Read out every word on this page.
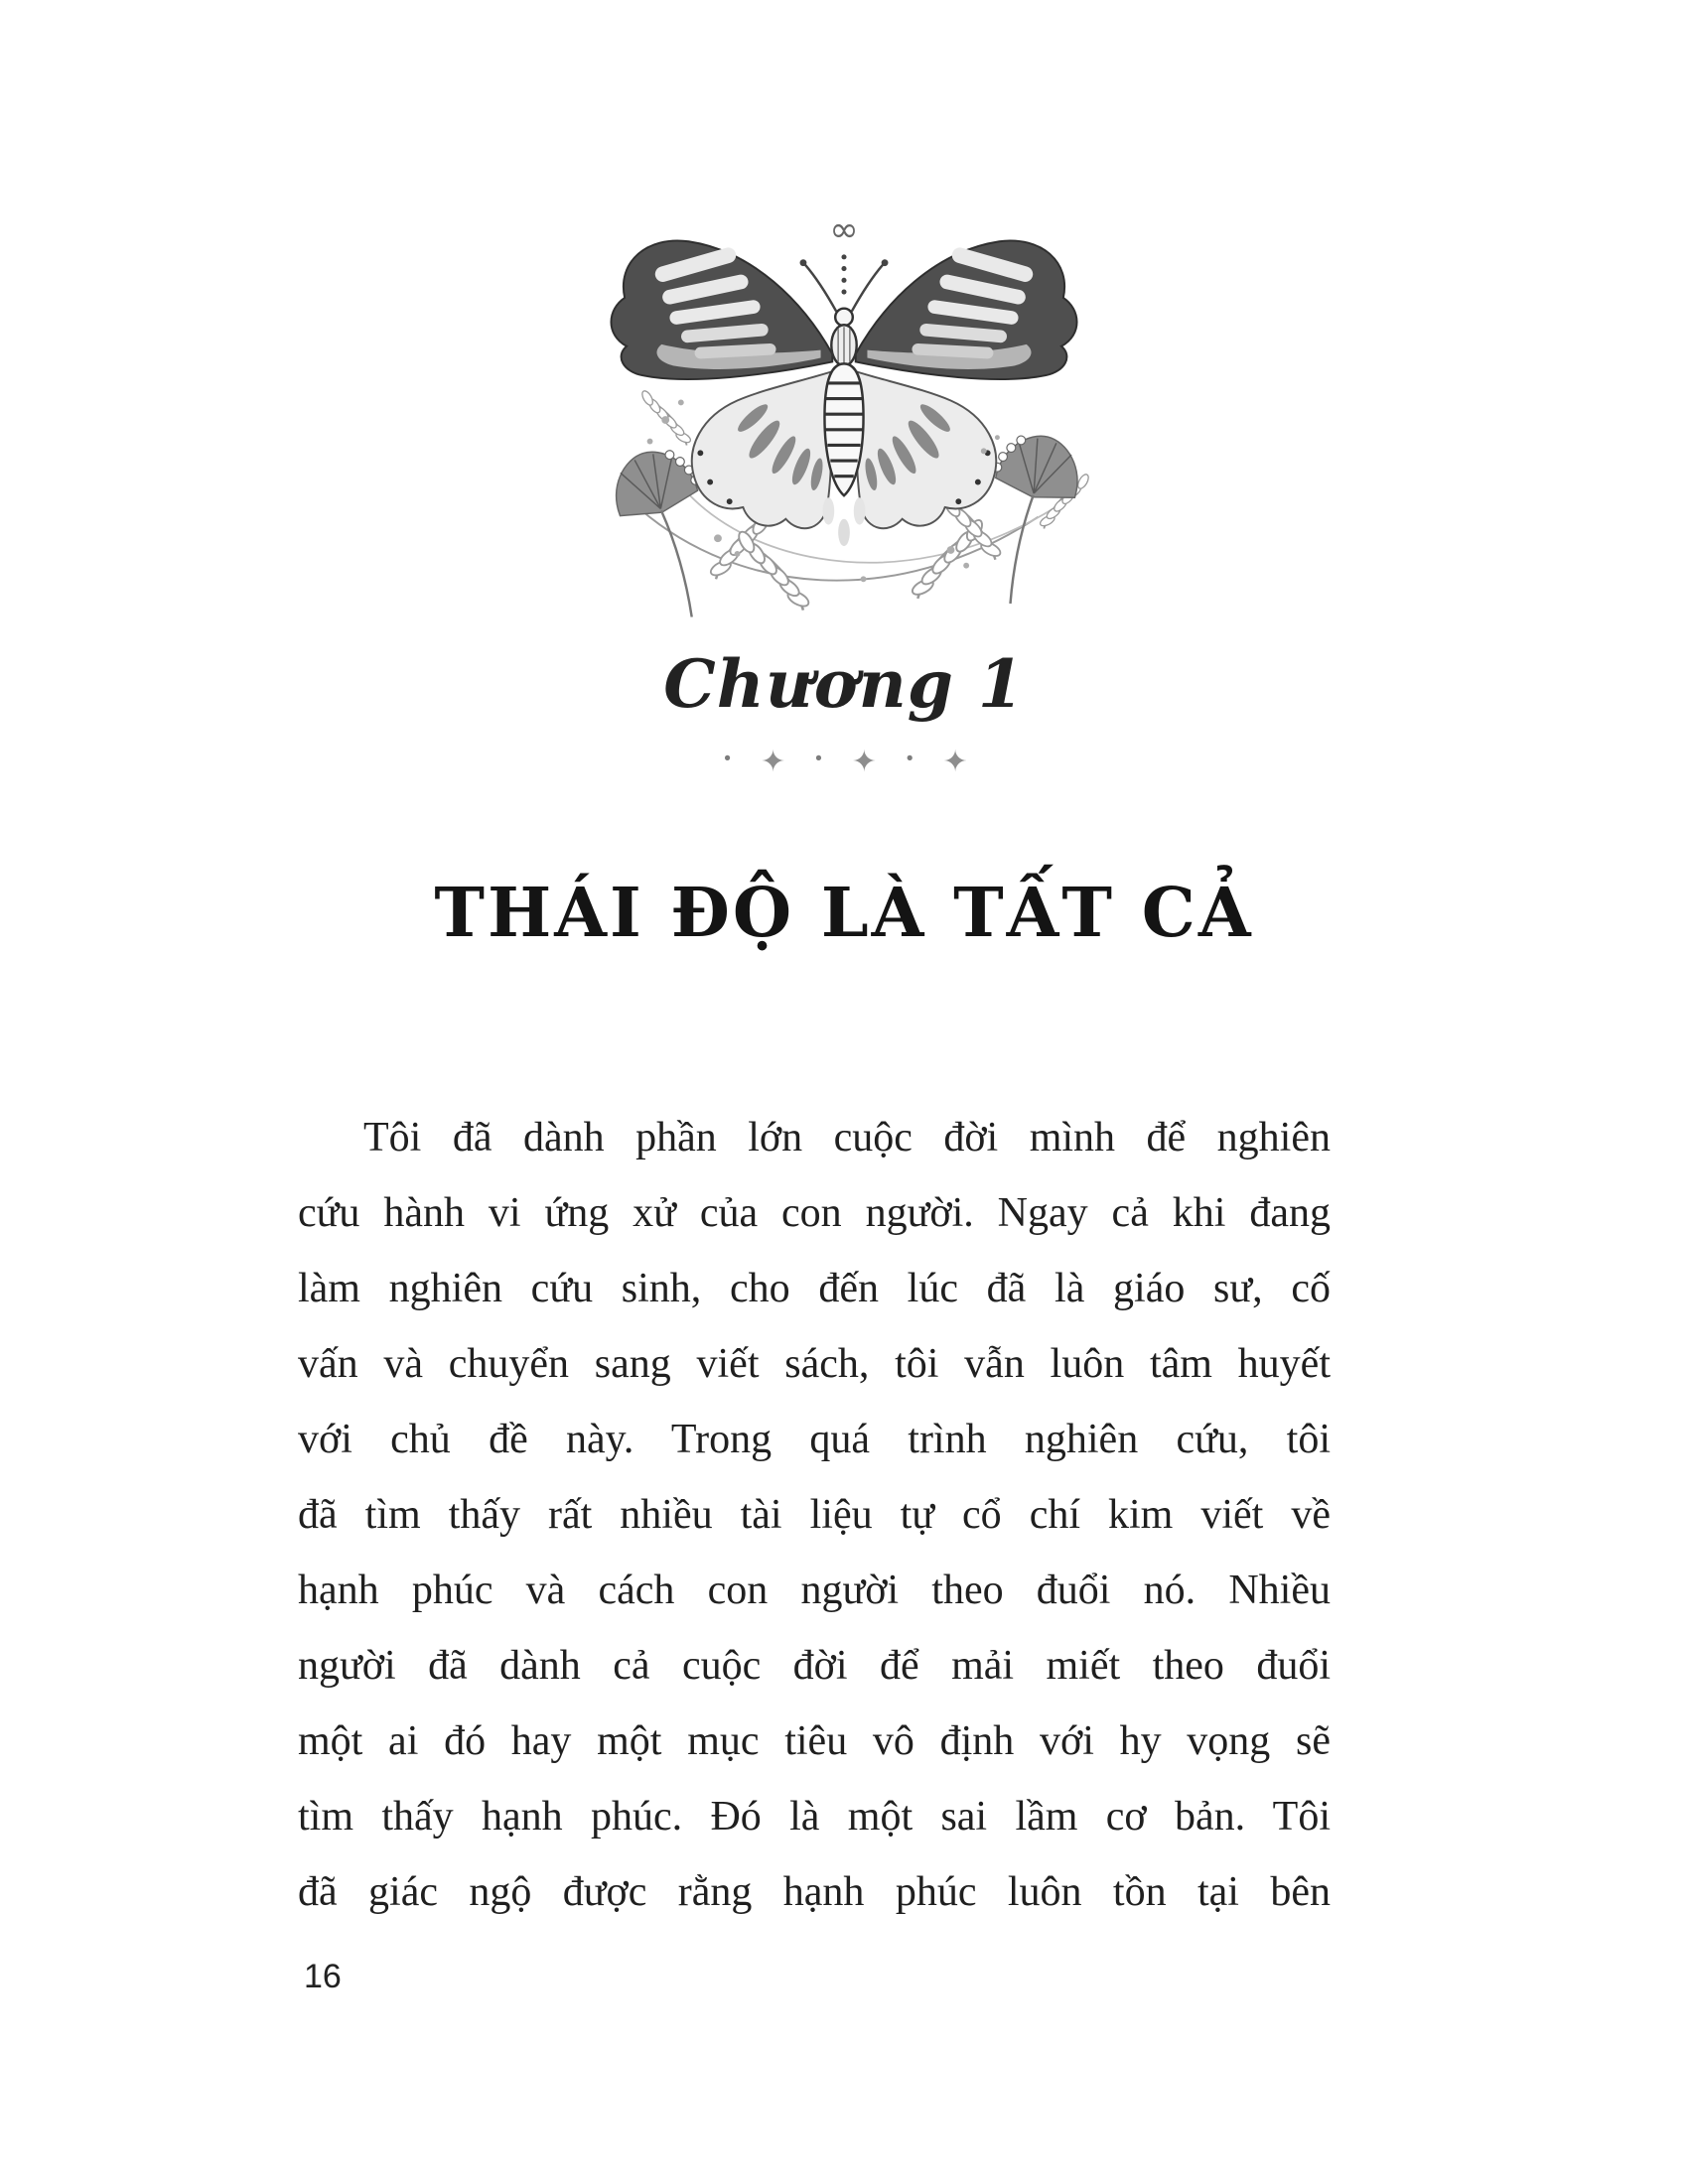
∞
Chương 1
· ✦ · ✦ · ✦
THÁI ĐỘ LÀ TẤT CẢ
Tôi đã dành phần lớn cuộc đời mình để nghiên
cứu hành vi ứng xử của con người. Ngay cả khi đang
làm nghiên cứu sinh, cho đến lúc đã là giáo sư, cố
vấn và chuyển sang viết sách, tôi vẫn luôn tâm huyết
với chủ đề này. Trong quá trình nghiên cứu, tôi
đã tìm thấy rất nhiều tài liệu tự cổ chí kim viết về
hạnh phúc và cách con người theo đuổi nó. Nhiều
người đã dành cả cuộc đời để mải miết theo đuổi
một ai đó hay một mục tiêu vô định với hy vọng sẽ
tìm thấy hạnh phúc. Đó là một sai lầm cơ bản. Tôi
đã giác ngộ được rằng hạnh phúc luôn tồn tại bên
16
